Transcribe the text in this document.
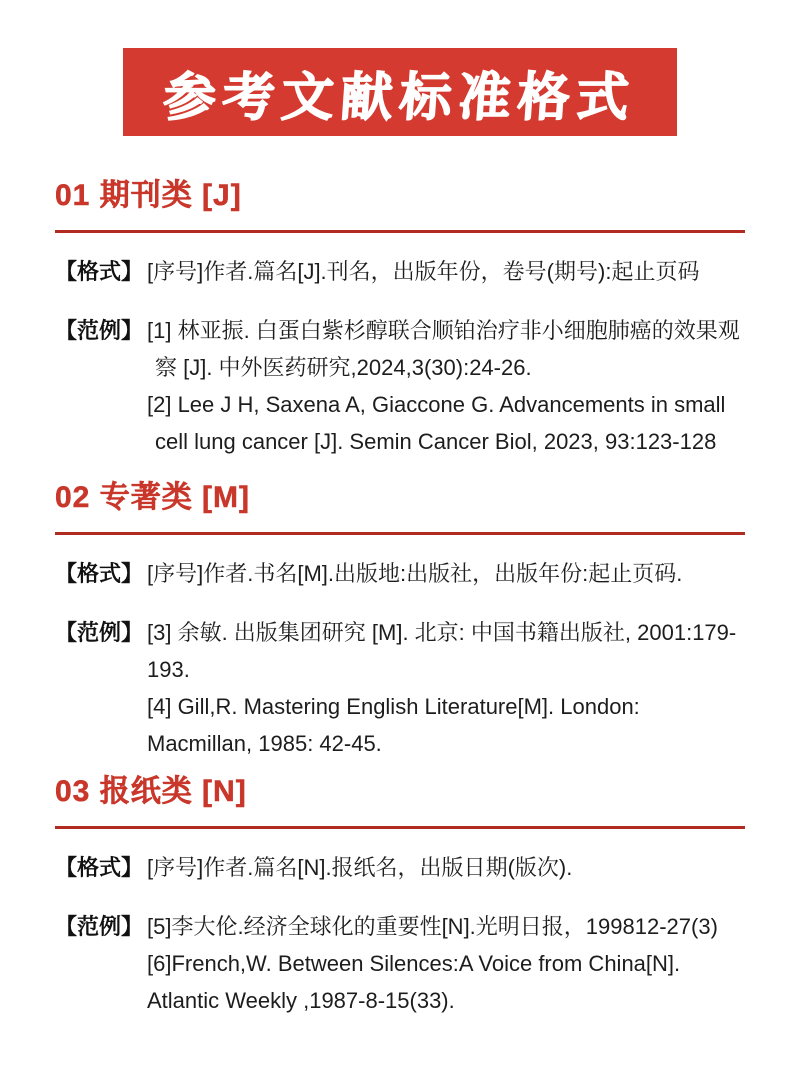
参考文献标准格式
01 期刊类 [J]
【格式】 [序号]作者.篇名[J].刊名，出版年份，卷号(期号):起止页码

【范例】 [1] 林亚振. 白蛋白紫杉醇联合顺铂治疗非小细胞肺癌的效果观

察 [J]. 中外医药研究,2024,3(30):24-26.

[2] Lee J H, Saxena A, Giaccone G. Advancements in small

cell lung cancer [J]. Semin Cancer Biol, 2023, 93:123-128

02 专著类 [M]
【格式】 [序号]作者.书名[M].出版地:出版社，出版年份:起止页码.

【范例】 [3] 余敏. 出版集团研究 [M]. 北京: 中国书籍出版社, 2001:179-

193.

[4] Gill,R. Mastering English Literature[M]. London:

Macmillan, 1985: 42-45.

03 报纸类 [N]
【格式】 [序号]作者.篇名[N].报纸名，出版日期(版次).

【范例】 [5]李大伦.经济全球化的重要性[N].光明日报，199812-27(3)

[6]French,W. Between Silences:A Voice from China[N].

Atlantic Weekly ,1987-8-15(33).
